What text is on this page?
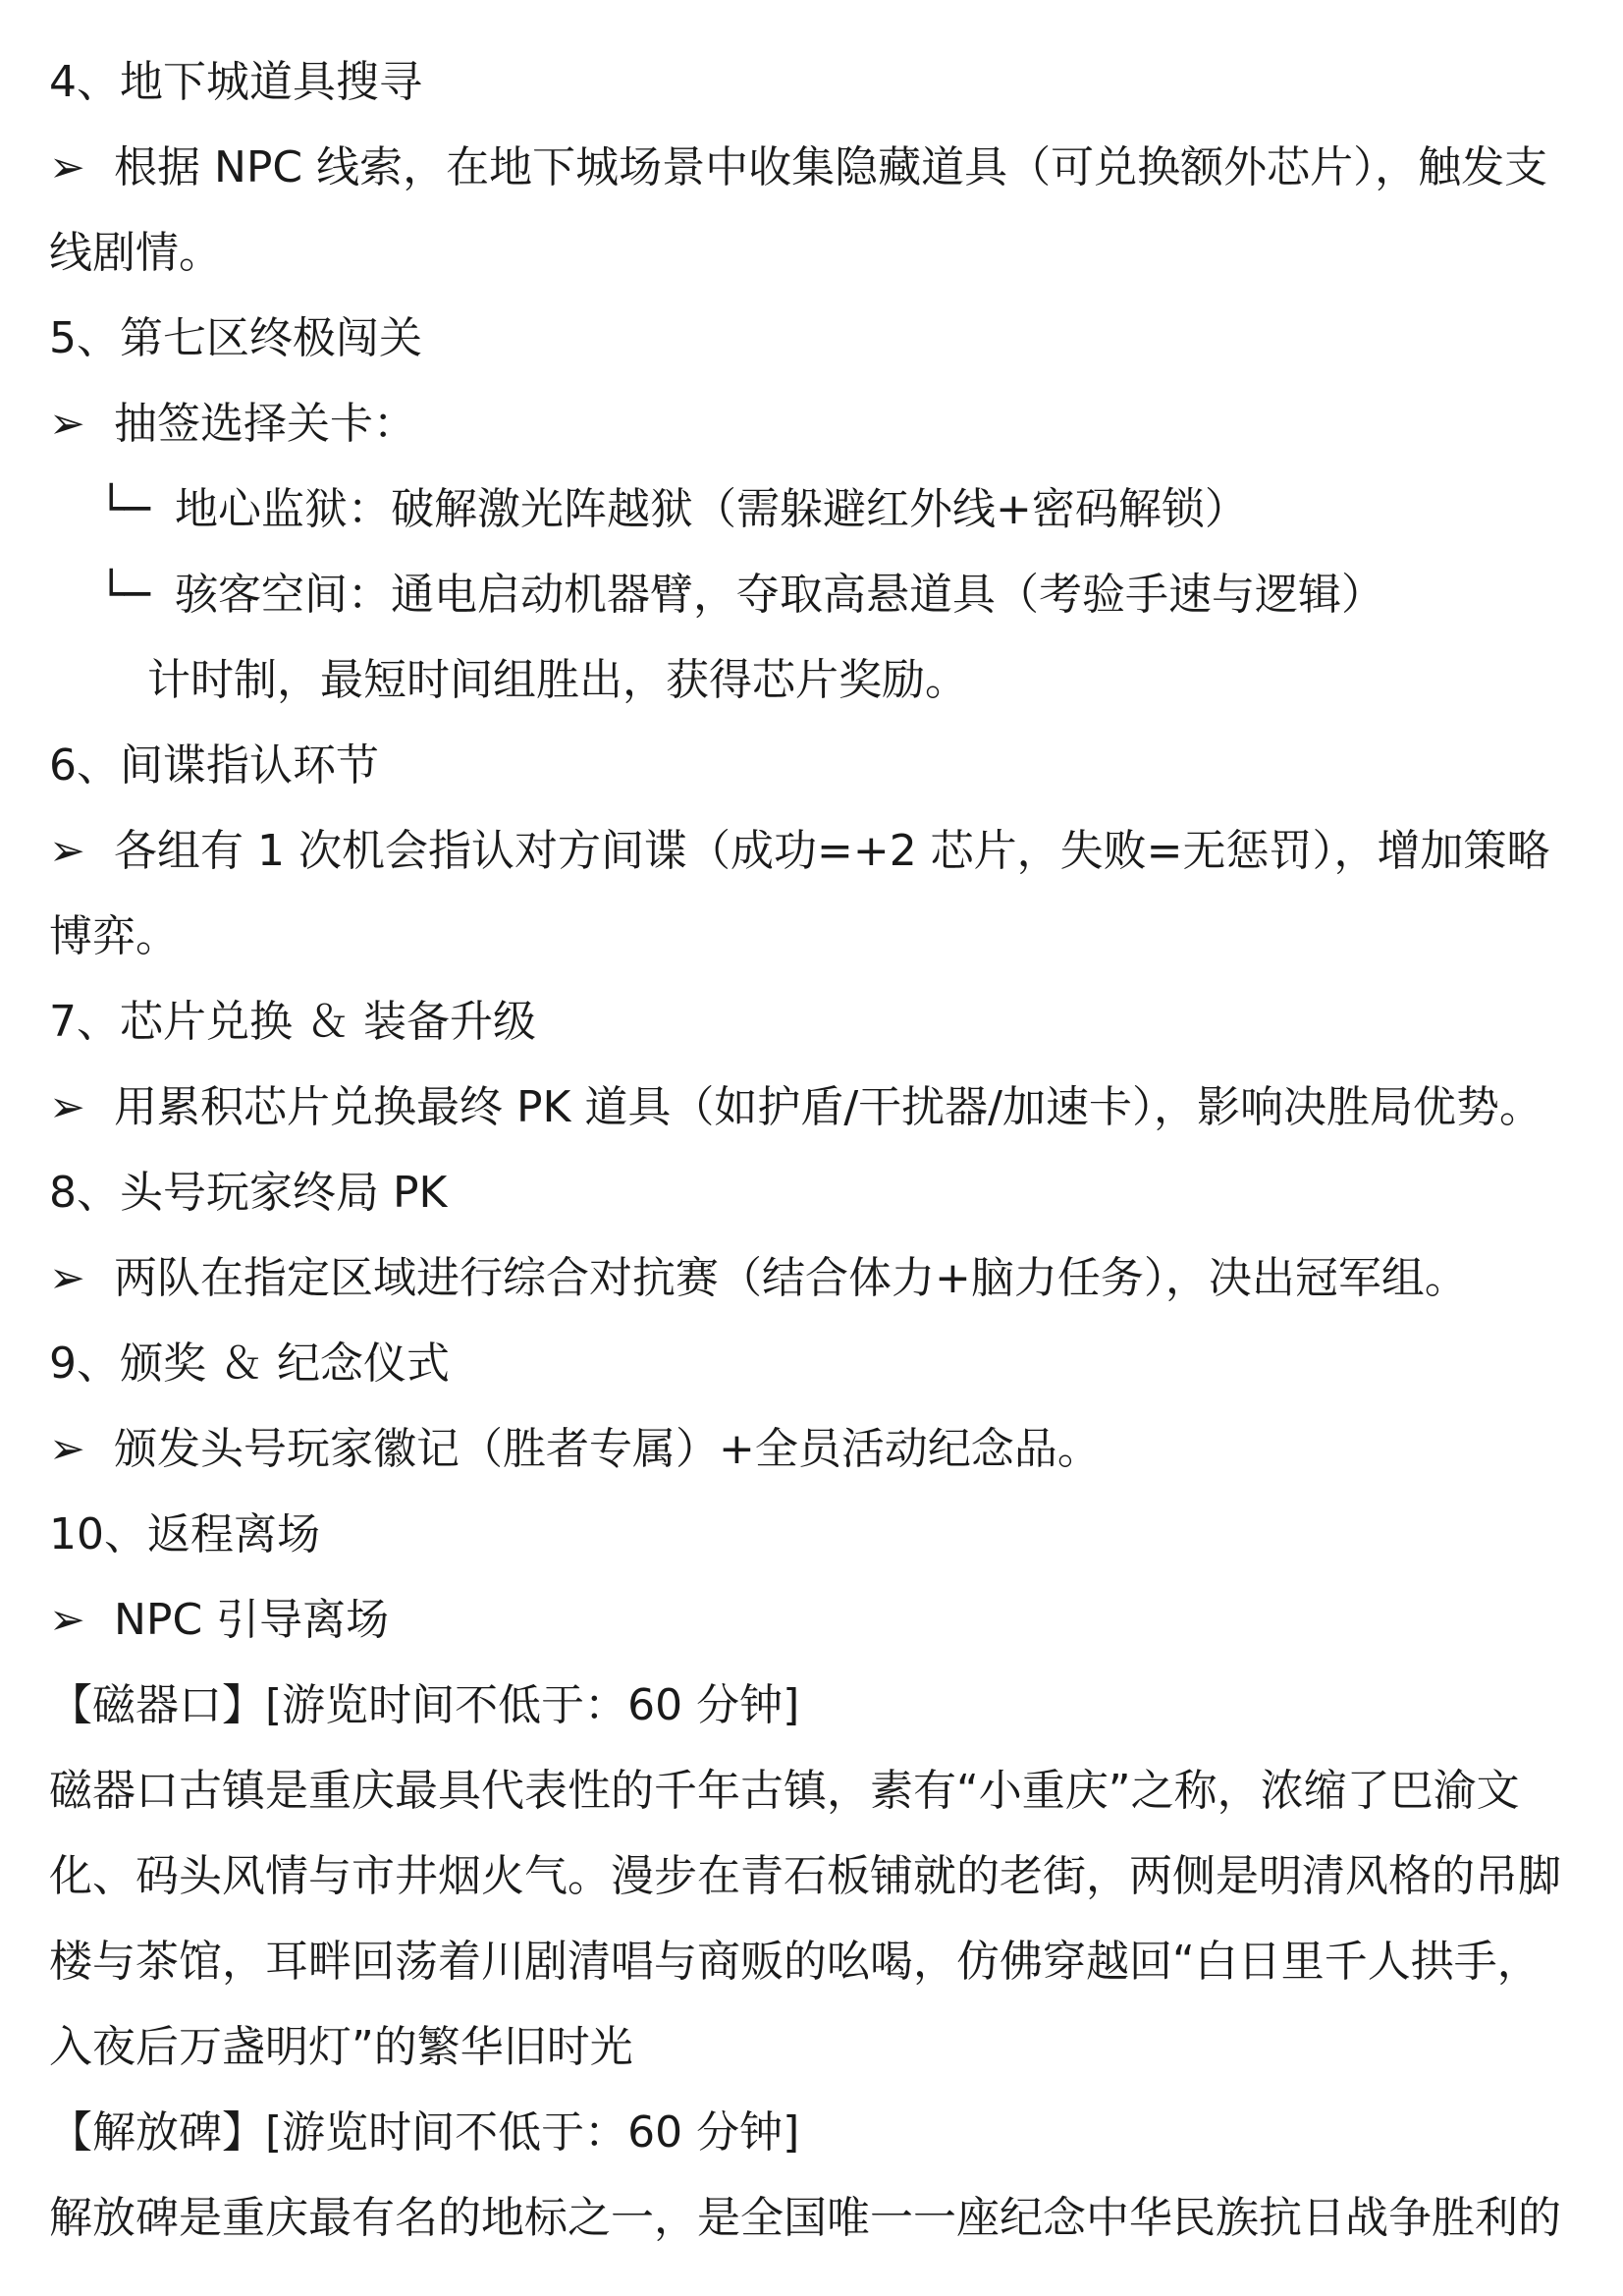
4、地下城道具搜寻

➢ 根据 NPC 线索，在地下城场景中收集隐藏道具（可兑换额外芯片），触发支

线剧情。

5、第七区终极闯关

➢ 抽签选择关卡：

└─ 地心监狱：破解激光阵越狱（需躲避红外线+密码解锁）

└─ 骇客空间：通电启动机器臂，夺取高悬道具（考验手速与逻辑）

计时制，最短时间组胜出，获得芯片奖励。

6、间谍指认环节

➢ 各组有 1 次机会指认对方间谍（成功=+2 芯片，失败=无惩罚），增加策略

博弈。

7、芯片兑换 ＆ 装备升级

➢ 用累积芯片兑换最终 PK 道具（如护盾/干扰器/加速卡），影响决胜局优势。

8、头号玩家终局 PK

➢ 两队在指定区域进行综合对抗赛（结合体力+脑力任务），决出冠军组。

9、颁奖 ＆ 纪念仪式

➢ 颁发头号玩家徽记（胜者专属）+全员活动纪念品。

10、返程离场

➢ NPC 引导离场

【磁器口】[游览时间不低于：60 分钟]

磁器口古镇是重庆最具代表性的千年古镇，素有“小重庆”之称，浓缩了巴渝文

化、码头风情与市井烟火气。漫步在青石板铺就的老街，两侧是明清风格的吊脚

楼与茶馆，耳畔回荡着川剧清唱与商贩的吆喝，仿佛穿越回“白日里千人拱手，

入夜后万盏明灯”的繁华旧时光

【解放碑】[游览时间不低于：60 分钟]

解放碑是重庆最有名的地标之一，是全国唯一一座纪念中华民族抗日战争胜利的
